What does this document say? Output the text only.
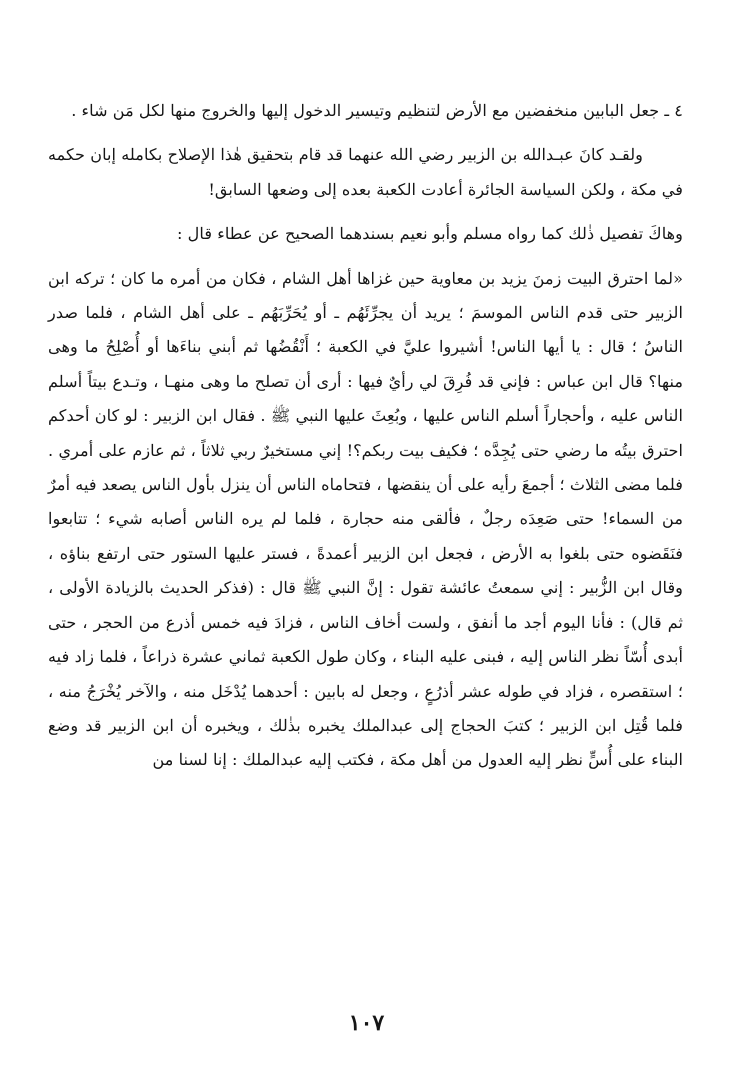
٤ ـ جعل البابين منخفضين مع الأرض لتنظيم وتيسير الدخول إليها والخروج منها لكل مَن شاء .

ولقـد كانَ عبـدالله بن الزبير رضي الله عنهما قد قام بتحقيق هٰذا الإصلاح بكامله إبان حكمه في مكة ، ولكن السياسة الجائرة أعادت الكعبة بعده إلى وضعها السابق!

وهاكَ تفصيل ذٰلك كما رواه مسلم وأبو نعيم بسندهما الصحيح عن عطاء قال :

«لما احترق البيت زمنَ يزيد بن معاوية حين غزاها أهل الشام ، فكان من أمره ما كان ؛ تركه ابن الزبير حتى قدم الناس الموسمَ ؛ يريد أن يجرِّئَهُم ـ أو يُحَرِّبَهُم ـ على أهل الشام ، فلما صدر الناسُ ؛ قال : يا أيها الناس! أشيروا عليَّ في الكعبة ؛ أَنْقُضُها ثم أبني بناءَها أو أُصْلِحُ ما وهى منها؟ قال ابن عباس : فإني قد فُرِقَ لي رأيٌ فيها : أرى أن تصلح ما وهى منهـا ، وتـدع بيتاً أسلم الناس عليه ، وأحجاراً أسلم الناس عليها ، وبُعِثَ عليها النبي ﷺ . فقال ابن الزبير : لو كان أحدكم احترق بيتُه ما رضي حتى يُجِدَّه ؛ فكيف بيت ربكم؟! إني مستخيرٌ ربي ثلاثاً ، ثم عازم على أمري . فلما مضى الثلاث ؛ أجمعَ رأيه على أن ينقضها ، فتحاماه الناس أن ينزل بأول الناس يصعد فيه أمرٌ من السماء! حتى صَعِدَه رجلٌ ، فألقى منه حجارة ، فلما لم يره الناس أصابه شيء ؛ تتابعوا فنَقَضوه حتى بلغوا به الأرض ، فجعل ابن الزبير أعمدةً ، فستر عليها الستور حتى ارتفع بناؤه ، وقال ابن الزُّبير : إني سمعتُ عائشة تقول : إنَّ النبي ﷺ قال : (فذكر الحديث بالزيادة الأولى ، ثم قال) : فأنا اليوم أجد ما أنفق ، ولست أخاف الناس ، فزادَ فيه خمس أذرع من الحجر ، حتى أبدى أُسّاً نظر الناس إليه ، فبنى عليه البناء ، وكان طول الكعبة ثماني عشرة ذراعاً ، فلما زاد فيه ؛ استقصره ، فزاد في طوله عشر أذرُعٍ ، وجعل له بابين : أحدهما يُدْخَل منه ، والآخر يُخْرَجُ منه ، فلما قُتِل ابن الزبير ؛ كتبَ الحجاج إلى عبدالملك يخبره بذٰلك ، ويخبره أن ابن الزبير قد وضع البناء على أُسٍّ نظر إليه العدول من أهل مكة ، فكتب إليه عبدالملك : إنا لسنا من

١٠٧
